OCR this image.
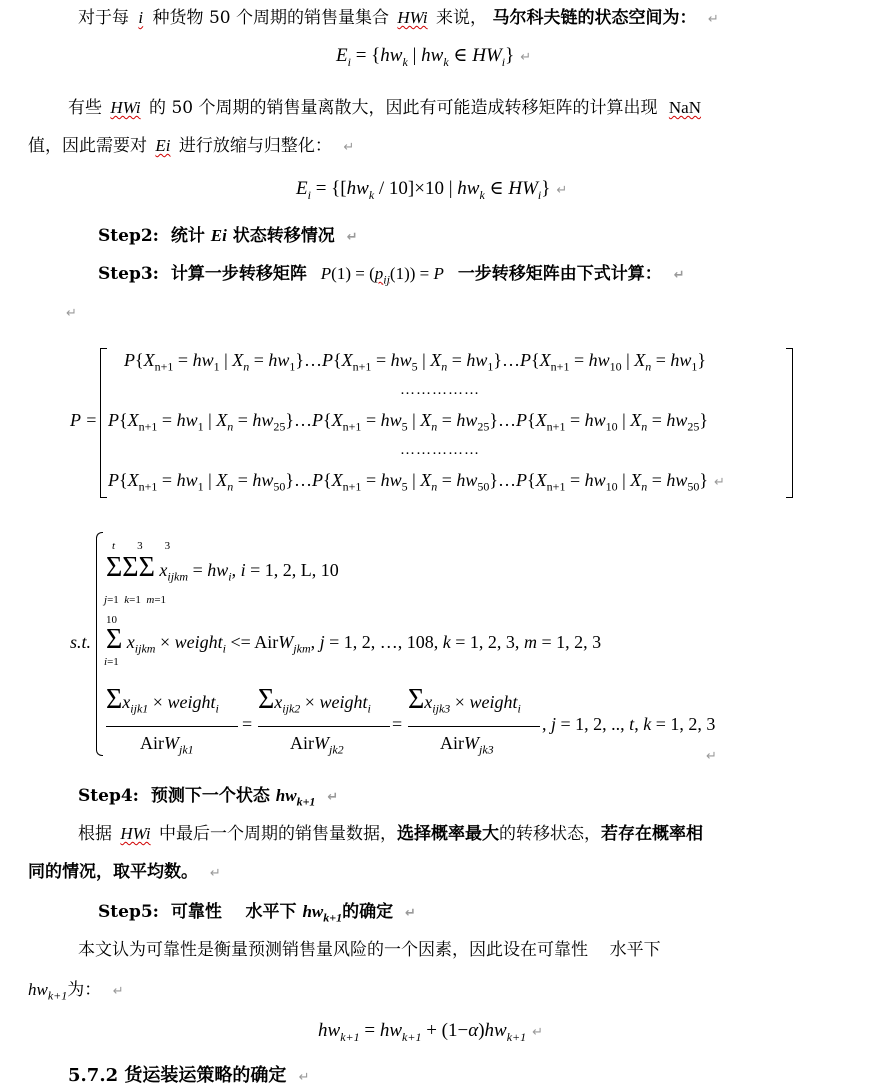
对于每 i 种货物 50 个周期的销售量集合 HWi 来说， 马尔科夫链的状态空间为： ↵
$E_i = \{hw_k$ | $hw_k$ ∈ $HW_i$} ↵
有些 HWi 的 50 个周期的销售量离散大，因此有可能造成转移矩阵的计算出现 NaN
值，因此需要对 Ei 进行放缩与归整化： ↵
$E_i = \{[hw_k / 10]\times 10$ | $hw_k$ ∈ $HW_i$} ↵
Step2: 统计 Ei 状态转移情况 ↵
Step3: 计算一步转移矩阵 $P(1) = (p_{ij}(1)) = P$ 一步转移矩阵由下式计算： ↵
↵
P =
$P\{X_{n+1} = hw_1$ | $X_n$ = $hw_1\}\dots P\{X_{n+1} = hw_5$ | $X_n$ = $hw_1\}\dots P\{X_{n+1} = hw_{10}$ | $X_n = hw_1$}
……………
$P\{X_{n+1} = hw_1$ | $X_n$ = $hw_{25}\}\dots P\{X_{n+1} = hw_5$ | $X_n$ = $hw_{25}\}\dots P\{X_{n+1} = hw_{10}$ | $X_n = hw_{25}$}
……………
$P\{X_{n+1} = hw_1$ | $X_n$ = $hw_{50}\}\dots P\{X_{n+1} = hw_5$ | $X_n$ = $hw_{50}\}\dots P\{X_{n+1} = hw_{10}$ | $X_n = hw_{50}$} ↵
s.t.
ΣΣΣ $x_{ijkm} = hw_i$, i = 1, 2, L, 10
j=1  k=1  m=1
t        3        3
Σ $x_{ijkm}$ × weight$_i$ <= AirW$_{jkm}$, j = 1, 2, …, 108, k = 1, 2, 3, m = 1, 2, 3
10
i=1
$\Sigma x_{ijk1}$ × weight$_i$
AirW$_{jk1}$
=
$\Sigma x_{ijk2}$ × weight$_i$
AirW$_{jk2}$
=
$\Sigma x_{ijk3}$ × weight$_i$
AirW$_{jk3}$
, j = 1, 2, .., t, k = 1, 2, 3
↵
Step4: 预测下一个状态 $hw_{k+1}$ ↵
根据 HWi 中最后一个周期的销售量数据，选择概率最大的转移状态，若存在概率相
同的情况，取平均数。 ↵
Step5: 可靠性    水平下 $hw_{k+1}$的确定 ↵
本文认为可靠性是衡量预测销售量风险的一个因素，因此设在可靠性    水平下
$hw_{k+1}$为： ↵
$hw_{k+1} = hw_{k+1} + (1-\alpha)hw_{k+1}$ ↵
5.7.2 货运装运策略的确定 ↵
